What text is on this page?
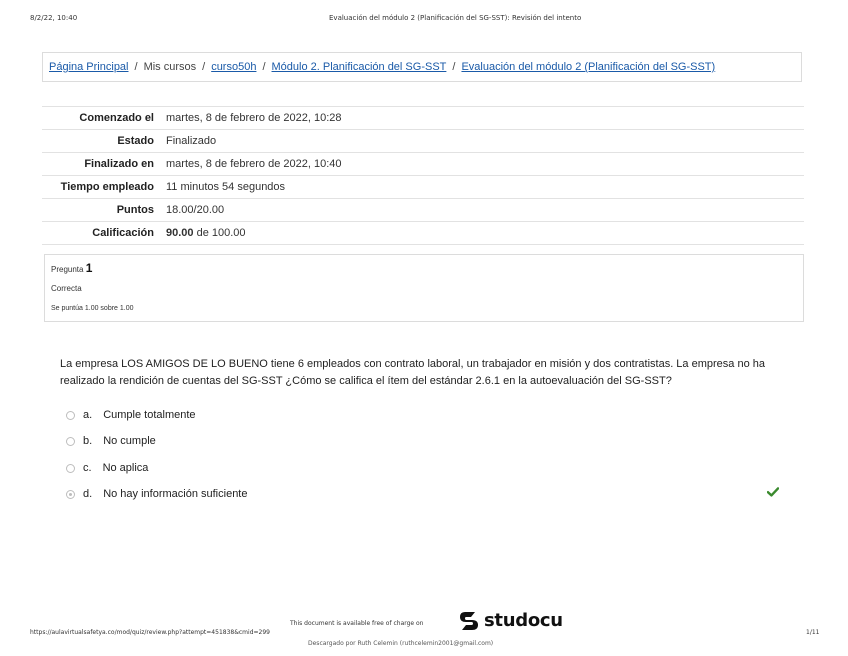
8/2/22, 10:40	Evaluación del módulo 2 (Planificación del SG-SST): Revisión del intento
Página Principal / Mis cursos / curso50h / Módulo 2. Planificación del SG-SST / Evaluación del módulo 2 (Planificación del SG-SST)
Comenzado el	martes, 8 de febrero de 2022, 10:28
Estado	Finalizado
Finalizado en	martes, 8 de febrero de 2022, 10:40
Tiempo empleado	11 minutos 54 segundos
Puntos	18.00/20.00
Calificación	90.00 de 100.00
Pregunta 1
Correcta
Se puntúa 1.00 sobre 1.00
La empresa LOS AMIGOS DE LO BUENO tiene 6 empleados con contrato laboral, un trabajador en misión y dos contratistas. La empresa no ha realizado la rendición de cuentas del SG-SST ¿Cómo se califica el ítem del estándar 2.6.1 en la autoevaluación del SG-SST?
a. Cumple totalmente
b. No cumple
c. No aplica
d. No hay información suficiente
https://aulavirtualsafetya.co/mod/quiz/review.php?attempt=451838&cmid=299
This document is available free of charge on	studocu
Descargado por Ruth Celemin (ruthcelemin2001@gmail.com)
1/11
